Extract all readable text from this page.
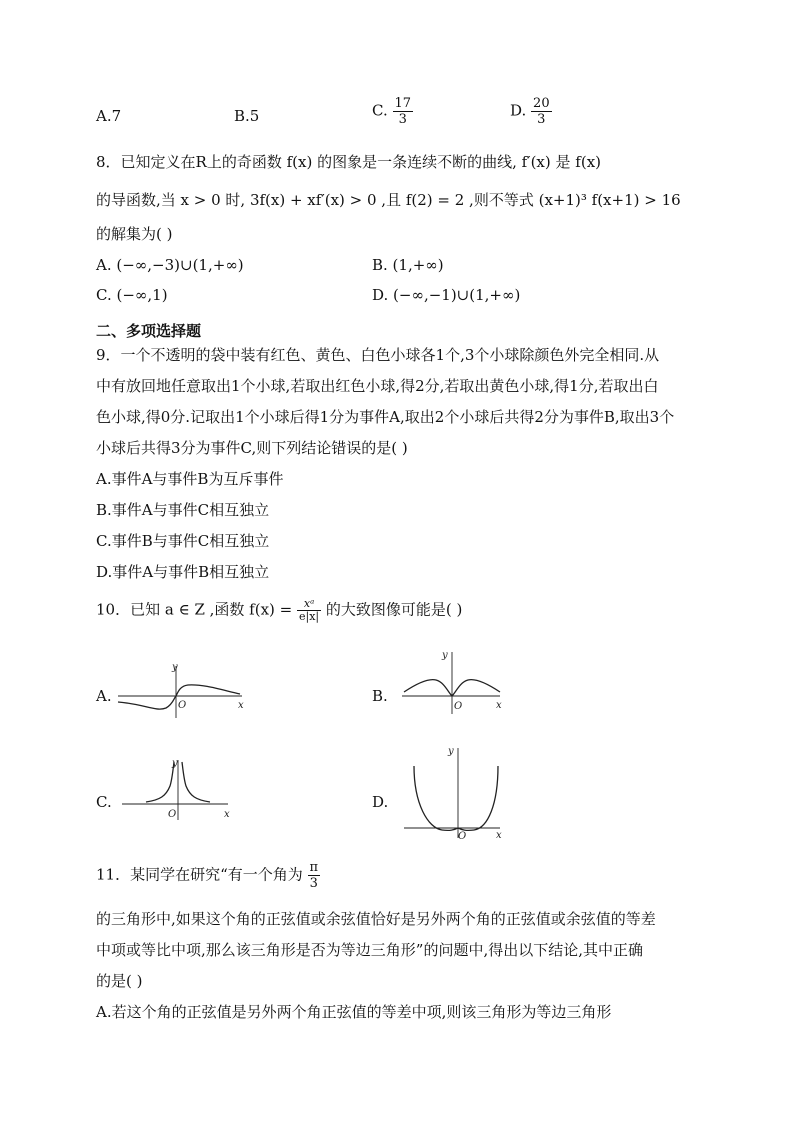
A.7	B.5	C. $\frac{17}{3}$	D. $\frac{20}{3}$
8．已知定义在R上的奇函数 f(x) 的图象是一条连续不断的曲线, f′(x) 是 f(x)
的导函数,当 x > 0 时, 3f(x) + xf′(x) > 0 ,且 f(2) = 2 ,则不等式 (x+1)³ f(x+1) > 16
的解集为( )
A. (−∞,−3)∪(1,+∞)	B. (1,+∞)
C. (−∞,1)	D. (−∞,−1)∪(1,+∞)
二、多项选择题
9．一个不透明的袋中装有红色、黄色、白色小球各1个,3个小球除颜色外完全相同.从
中有放回地任意取出1个小球,若取出红色小球,得2分,若取出黄色小球,得1分,若取出白
色小球,得0分.记取出1个小球后得1分为事件A,取出2个小球后共得2分为事件B,取出3个
小球后共得3分为事件C,则下列结论错误的是( )
A.事件A与事件B为互斥事件
B.事件A与事件C相互独立
C.事件B与事件C相互独立
D.事件A与事件B相互独立
10．已知 a ∈ Z ,函数 $f(x) = \frac{\text{xᵃ}}{e|x|}$ 的大致图像可能是( )
A.	B.
C.	D.
y
x
O
y
x
O
y
x
O
y
x
O
11．某同学在研究“有一个角为 $\frac{\pi}{3}$
的三角形中,如果这个角的正弦值或余弦值恰好是另外两个角的正弦值或余弦值的等差
中项或等比中项,那么该三角形是否为等边三角形”的问题中,得出以下结论,其中正确
的是( )
A.若这个角的正弦值是另外两个角正弦值的等差中项,则该三角形为等边三角形
